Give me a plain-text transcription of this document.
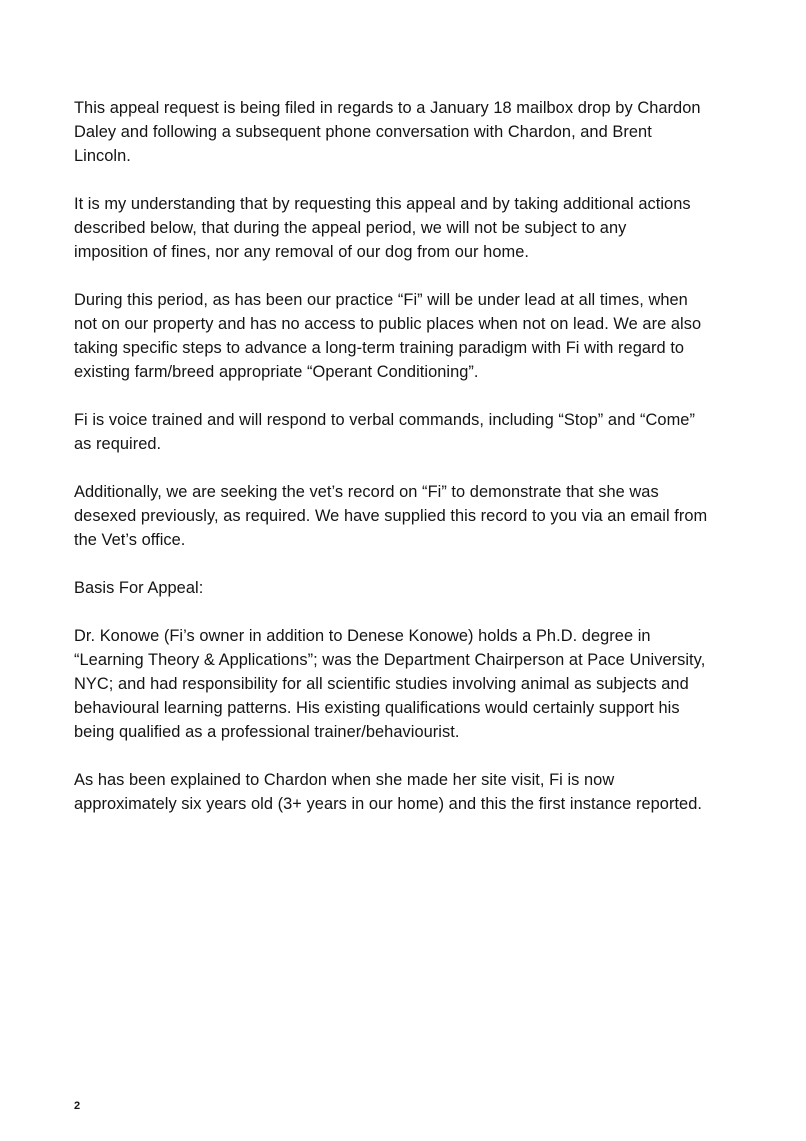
This appeal request is being filed in regards to a January 18 mailbox drop by Chardon
Daley and following a subsequent phone conversation with Chardon, and Brent
Lincoln.

It is my understanding that by requesting this appeal and by taking additional actions
described below, that during the appeal period, we will not be subject to any
imposition of fines, nor any removal of our dog from our home.

During this period, as has been our practice “Fi” will be under lead at all times, when
not on our property and has no access to public places when not on lead. We are also
taking specific steps to advance a long-term training paradigm with Fi with regard to
existing farm/breed appropriate “Operant Conditioning”.

Fi is voice trained and will respond to verbal commands, including “Stop” and “Come”
as required.

Additionally, we are seeking the vet’s record on “Fi” to demonstrate that she was
desexed previously, as required. We have supplied this record to you via an email from
the Vet’s office.

Basis For Appeal:

Dr. Konowe (Fi’s owner in addition to Denese Konowe) holds a Ph.D. degree in
“Learning Theory & Applications”; was the Department Chairperson at Pace University,
NYC; and had responsibility for all scientific studies involving animal as subjects and
behavioural learning patterns. His existing qualifications would certainly support his
being qualified as a professional trainer/behaviourist.

As has been explained to Chardon when she made her site visit, Fi is now
approximately six years old (3+ years in our home) and this the first instance reported.

2
